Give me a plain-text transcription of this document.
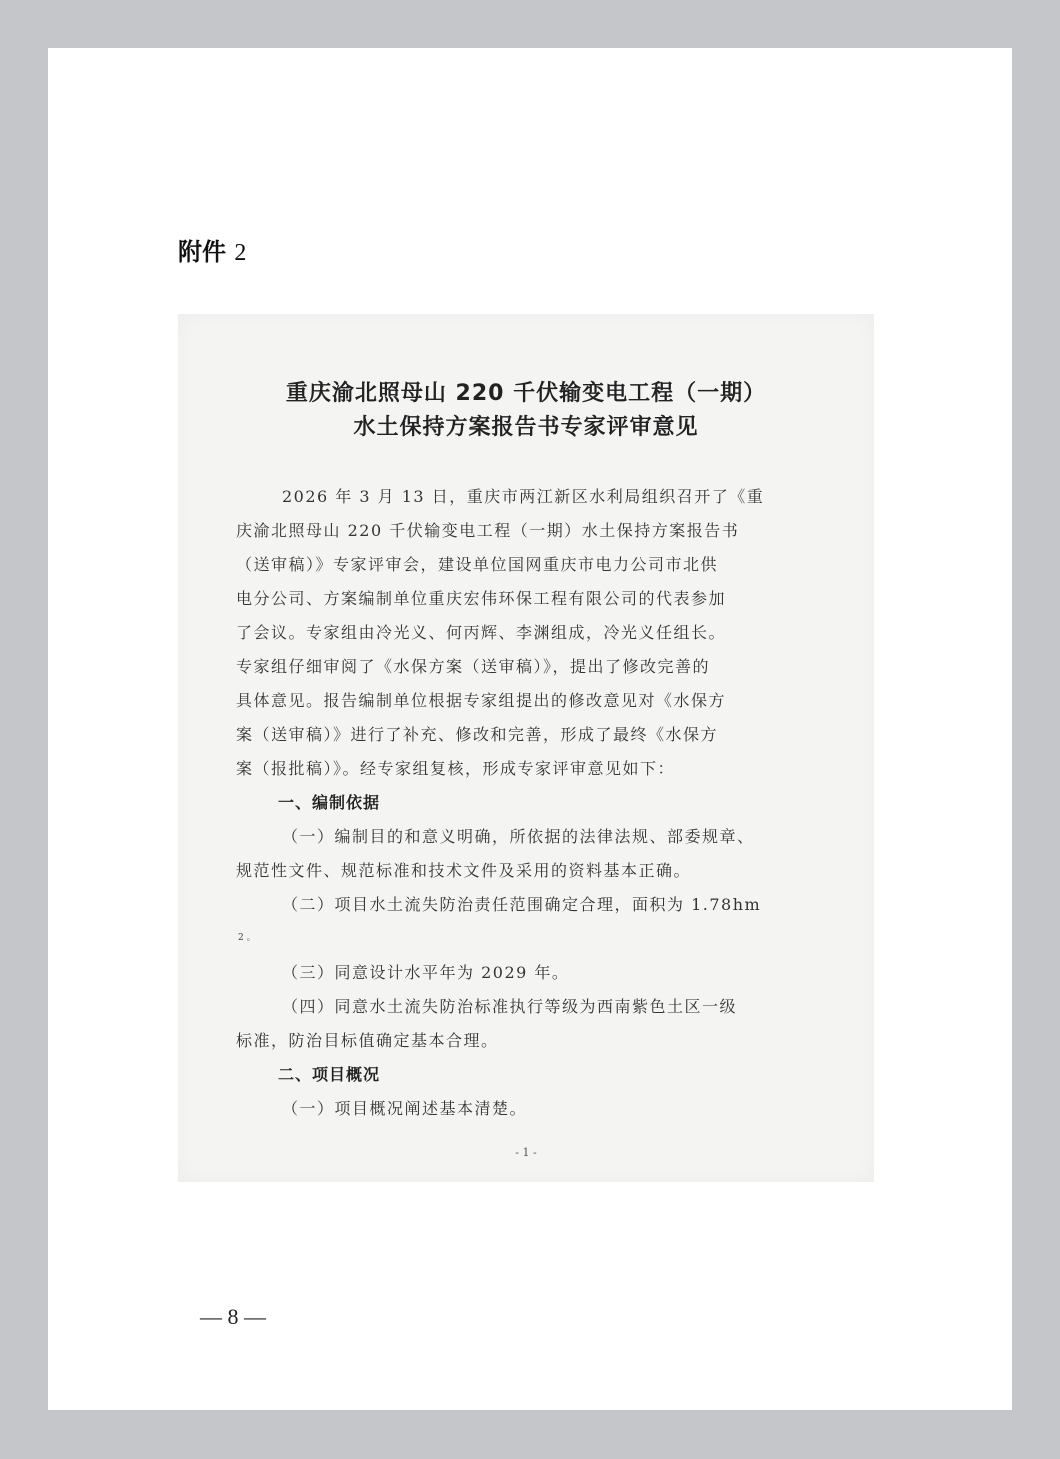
附件 2
重庆渝北照母山 220 千伏输变电工程（一期）
水土保持方案报告书专家评审意见
2026 年 3 月 13 日，重庆市两江新区水利局组织召开了《重
庆渝北照母山 220 千伏输变电工程（一期）水土保持方案报告书
（送审稿）》专家评审会，建设单位国网重庆市电力公司市北供
电分公司、方案编制单位重庆宏伟环保工程有限公司的代表参加
了会议。专家组由冷光义、何丙辉、李渊组成，冷光义任组长。
专家组仔细审阅了《水保方案（送审稿）》，提出了修改完善的
具体意见。报告编制单位根据专家组提出的修改意见对《水保方
案（送审稿）》进行了补充、修改和完善，形成了最终《水保方
案（报批稿）》。经专家组复核，形成专家评审意见如下：
一、编制依据
（一）编制目的和意义明确，所依据的法律法规、部委规章、
规范性文件、规范标准和技术文件及采用的资料基本正确。
（二）项目水土流失防治责任范围确定合理，面积为 1.78hm
2 。
（三）同意设计水平年为 2029 年。
（四）同意水土流失防治标准执行等级为西南紫色土区一级
标准，防治目标值确定基本合理。
二、项目概况
（一）项目概况阐述基本清楚。
- 1 -
— 8 —
